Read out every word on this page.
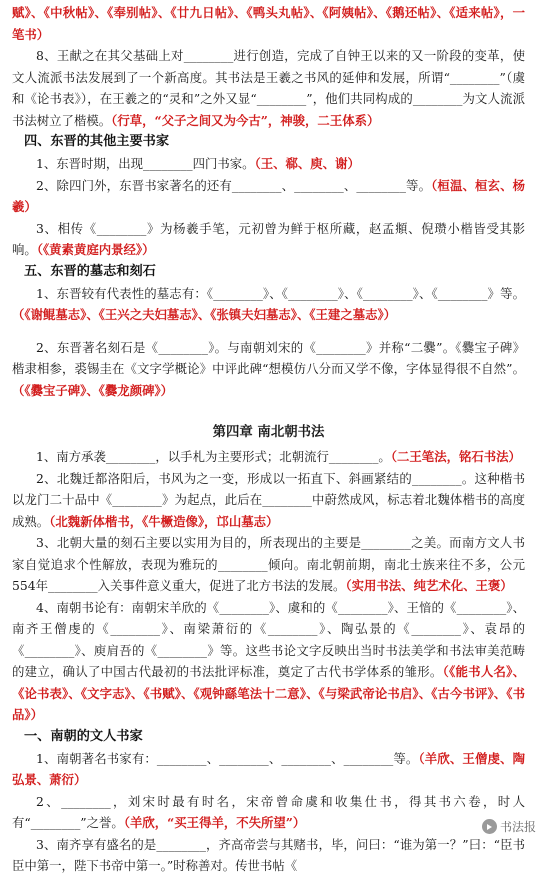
赋》、《中秋帖》、《奉别帖》、《廿九日帖》、《鸭头丸帖》、《阿姨帖》、《鹅还帖》、《适来帖》，一笔书）

8、王献之在其父基础上对________进行创造，完成了自钟王以来的又一阶段的变革，使文人流派书法发展到了一个新高度。其书法是王羲之书风的延伸和发展，所谓“________”（虞和《论书表》），在王羲之的“灵和”之外又显“________”，他们共同构成的________为文人流派书法树立了楷模。（行草，“父子之间又为今古”，神骏，二王体系）

四、东晋的其他主要书家

1、东晋时期，出现________四门书家。（王、郗、庾、谢）

2、除四门外，东晋书家著名的还有________、________、________等。（桓温、桓玄、杨羲）

3、相传《________》为杨羲手笔，元初曾为鲜于枢所藏，赵孟頫、倪瓒小楷皆受其影响。（《黄素黄庭内景经》）

五、东晋的墓志和刻石

1、东晋较有代表性的墓志有：《________》、《________》、《________》、《________》等。（《谢鲲墓志》、《王兴之夫妇墓志》、《张镇夫妇墓志》、《王建之墓志》）

2、东晋著名刻石是《________》。与南朝刘宋的《________》并称“二爨”。《爨宝子碑》楷隶相参，裘锡圭在《文字学概论》中评此碑“想模仿八分而又学不像，字体显得很不自然”。（《爨宝子碑》、《爨龙颜碑》）

第四章 南北朝书法

1、南方承袭________，以手札为主要形式；北朝流行________。（二王笔法，铭石书法）

2、北魏迁都洛阳后，书风为之一变，形成以一拓直下、斜画紧结的________。这种楷书以龙门二十品中《________》为起点，此后在________中蔚然成风，标志着北魏体楷书的高度成熟。（北魏新体楷书，《牛橛造像》，邙山墓志）

3、北朝大量的刻石主要以实用为目的，所表现出的主要是________之美。而南方文人书家自觉追求个性解放，表现为雅玩的________倾向。南北朝前期，南北士族来往不多，公元554年________入关事件意义重大，促进了北方书法的发展。（实用书法、纯艺术化、王褒）

4、南朝书论有：南朝宋羊欣的《________》、虞和的《________》、王愔的《________》、南齐王僧虔的《________》、南梁萧衍的《________》、陶弘景的《________》、袁昂的《________》、庾肩吾的《________》等。这些书论文字反映出当时书法美学和书法审美范畴的建立，确认了中国古代最初的书法批评标准，奠定了古代书学体系的雏形。（《能书人名》、《论书表》、《文字志》、《书赋》、《观钟繇笔法十二意》、《与梁武帝论书启》、《古今书评》、《书品》）

一、南朝的文人书家

1、南朝著名书家有：________、________、________、________等。（羊欣、王僧虔、陶弘景、萧衍）

2、________，刘宋时最有时名，宋帝曾命虞和收集仕书，得其书六卷，时人有“________”之誉。（羊欣，“买王得羊，不失所望”）

3、南齐享有盛名的是________，齐高帝尝与其赌书，毕，问曰：“谁为第一？”曰：“臣书臣中第一，陛下书帝中第一。”时称善对。传世书帖《

书法报
